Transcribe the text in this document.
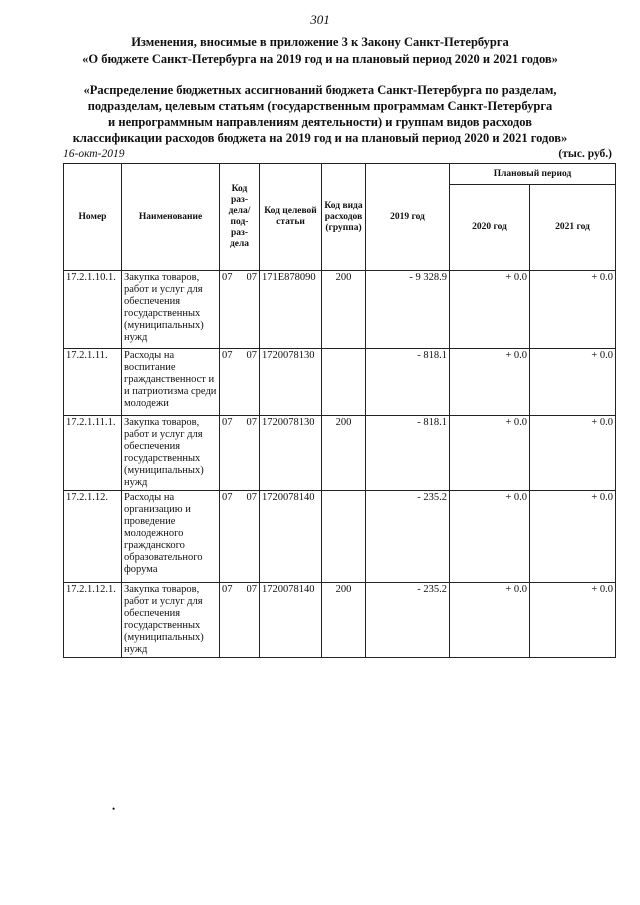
301
Изменения, вносимые в приложение 3 к Закону Санкт-Петербурга
«О бюджете Санкт-Петербурга на 2019 год и на плановый период 2020 и 2021 годов»
«Распределение бюджетных ассигнований бюджета Санкт-Петербурга по разделам,
подразделам, целевым статьям (государственным программам Санкт-Петербурга
и непрограммным направлениям деятельности) и группам видов расходов
классификации расходов бюджета на 2019 год и на плановый период 2020 и 2021 годов»
16-окт-2019	(тыс. руб.)
Номер	Наименование	Код раз- дела/ под- раз- дела	Код целевой статьи	Код вида расходов (группа)	2019 год	Плановый период	
						2020 год	2021 год

17.2.1.10.1.	Закупка товаров, работ и услуг для обеспечения государственных (муниципальных) нужд	07 07	171E878090	200	- 9 328.9	+ 0.0	+ 0.0
17.2.1.11.	Расходы на воспитание гражданственност и и патриотизма среди молодежи	07 07	1720078130		- 818.1	+ 0.0	+ 0.0
17.2.1.11.1.	Закупка товаров, работ и услуг для обеспечения государственных (муниципальных) нужд	07 07	1720078130	200	- 818.1	+ 0.0	+ 0.0
17.2.1.12.	Расходы на организацию и проведение молодежного гражданского образовательного форума	07 07	1720078140		- 235.2	+ 0.0	+ 0.0
17.2.1.12.1.	Закупка товаров, работ и услуг для обеспечения государственных (муниципальных) нужд	07 07	1720078140	200	- 235.2	+ 0.0	+ 0.0
•
